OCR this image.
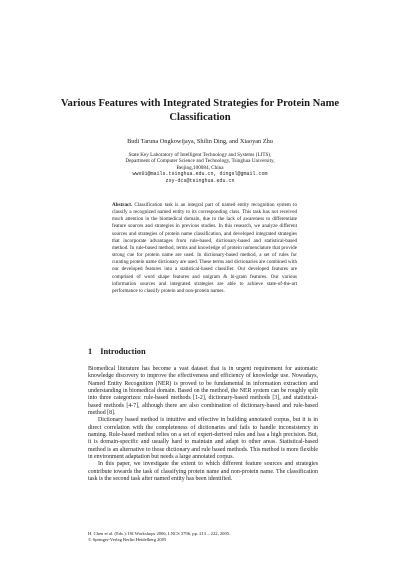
Various Features with Integrated Strategies for Protein Name Classification
Budi Taruna Ongkowijaya, Shilin Ding, and Xiaoyan Zhu
State Key Laboratory of Intelligent Technology and Systems (LITS),
Department of Computer Science and Technology, Tsinghua University,
Beijing,100084, China
wwx01@mails.tsinghua.edu.cn, dingsl@gmail.com
zxy-dcs@tsinghua.edu.cn
Abstract. Classification task is an integral part of named entity recognition system to classify a recognized named entity to its corresponding class. This task has not received much attention in the biomedical domain, due to the lack of awareness to differentiate feature sources and strategies in previous studies. In this research, we analyze different sources and strategies of protein name classification, and developed integrated strategies that incorporate advantages from rule-based, dictionary-based and statistical-based method. In rule-based method, terms and knowledge of protein nomenclature that provide strong cue for protein name are used. In dictionary-based method, a set of rules for curating protein name dictionary are used. These terms and dictionaries are combined with our developed features into a statistical-based classifier. Our developed features are comprised of word shape features and unigram & bi-gram features. Our various information sources and integrated strategies are able to achieve state-of-the-art performance to classify protein and non-protein names.
1 Introduction

Biomedical literature has become a vast dataset that is in urgent requirement for automatic knowledge discovery to improve the effectiveness and efficiency of knowledge use. Nowadays, Named Entity Recognition (NER) is proved to be fundamental in information extraction and understanding in biomedical domain. Based on the method, the NER system can be roughly split into three categorizes: rule-based methods [1-2], dictionary-based methods [3], and statistical-based methods [4-7], although there are also combination of dictionary-based and rule-based method [8].

Dictionary based method is intuitive and effective in building annotated corpus, but it is in direct correlation with the completeness of dictionaries and fails to handle inconsistency in naming. Rule-based method relies on a set of expert-derived rules and has a high precision. But, it is domain-specific and usually hard to maintain and adapt to other areas. Statistical-based method is an alternative to those dictionary and rule based methods. This method is more flexible in environment adaptation but needs a large annotated corpus.

In this paper, we investigate the extent to which different feature sources and strategies contribute towards the task of classifying protein name and non-protein name. The classification task is the second task after named entity has been identified.

H. Chen et al. (Eds.): ISI Workshops 2006, LNCS 3796, pp. 213 – 222, 2005.
© Springer-Verlag Berlin Heidelberg 2005
